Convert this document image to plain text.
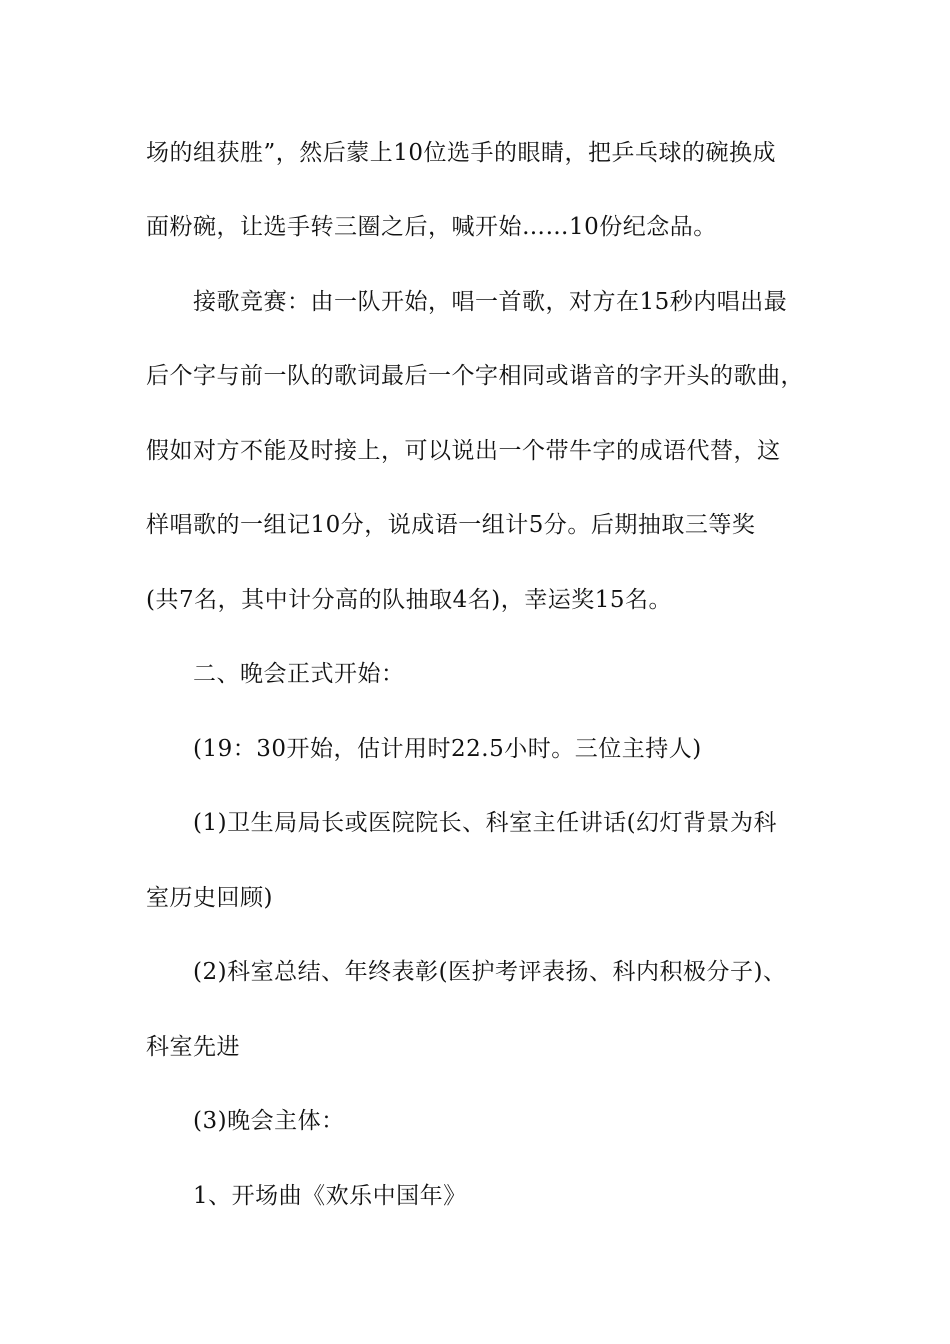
场的组获胜”，然后蒙上10位选手的眼睛，把乒乓球的碗换成
面粉碗，让选手转三圈之后，喊开始……10份纪念品。
接歌竞赛：由一队开始，唱一首歌，对方在15秒内唱出最
后个字与前一队的歌词最后一个字相同或谐音的字开头的歌曲，
假如对方不能及时接上，可以说出一个带牛字的成语代替，这
样唱歌的一组记10分，说成语一组计5分。后期抽取三等奖
(共7名，其中计分高的队抽取4名)，幸运奖15名。
二、晚会正式开始：
(19：30开始，估计用时22.5小时。三位主持人)
(1)卫生局局长或医院院长、科室主任讲话(幻灯背景为科
室历史回顾)
(2)科室总结、年终表彰(医护考评表扬、科内积极分子)、
科室先进
(3)晚会主体：
1、开场曲《欢乐中国年》
